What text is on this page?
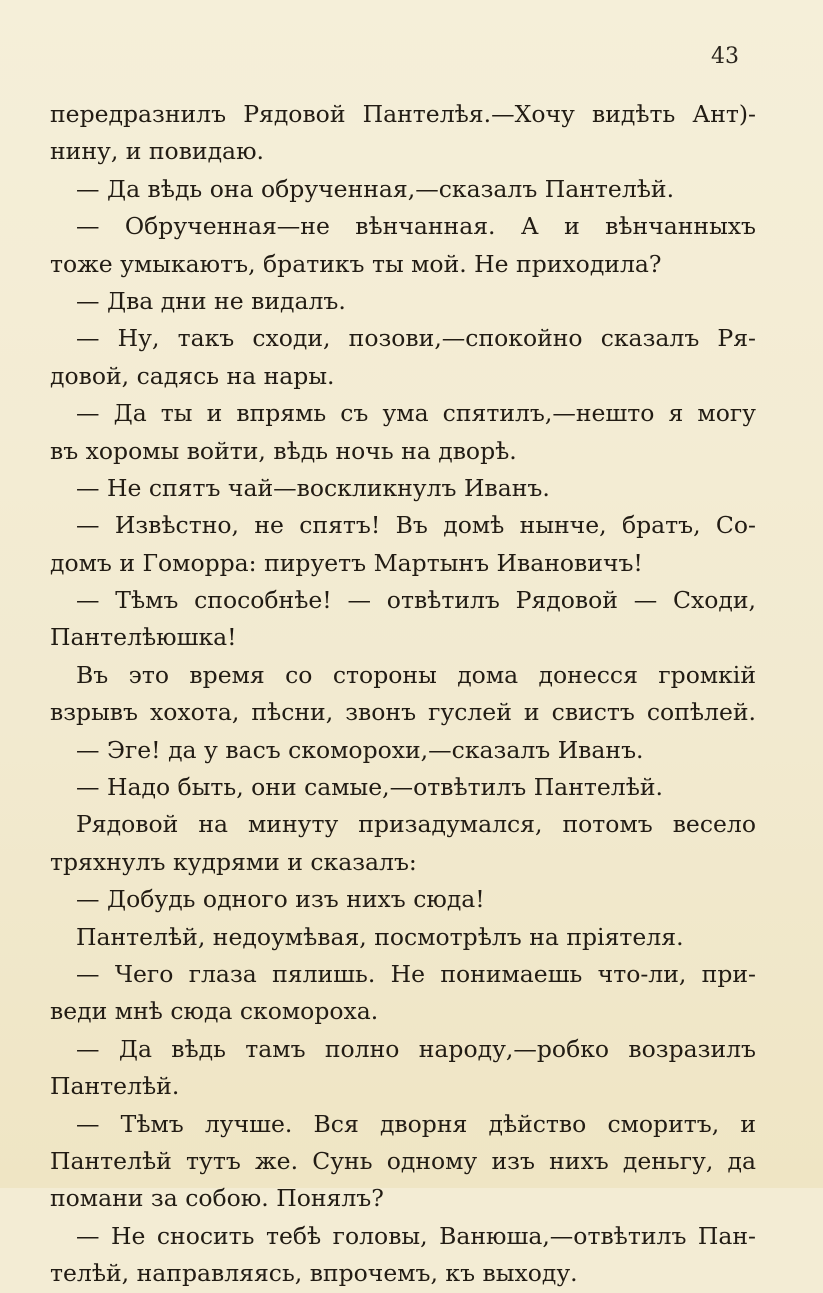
43
передразнилъ Рядовой Пантелѣя.—Хочу видѣть Ант)-
нину, и повидаю.
— Да вѣдь она обрученная,—сказалъ Пантелѣй.
— Обрученная—не вѣнчанная. А и вѣнчанныхъ
тоже умыкаютъ, братикъ ты мой. Не приходила?
— Два дни не видалъ.
— Ну, такъ сходи, позови,—спокойно сказалъ Ря-
довой, садясь на нары.
— Да ты и впрямь съ ума спятилъ,—нешто я могу
въ хоромы войти, вѣдь ночь на дворѣ.
— Не спятъ чай—воскликнулъ Иванъ.
— Извѣстно, не спятъ! Въ домѣ нынче, братъ, Со-
домъ и Гоморра: пируетъ Мартынъ Ивановичъ!
— Тѣмъ способнѣе! — отвѣтилъ Рядовой — Сходи,
Пантелѣюшка!
Въ это время со стороны дома донесся громкій
взрывъ хохота, пѣсни, звонъ гуслей и свистъ сопѣлей.
— Эге! да у васъ скоморохи,—сказалъ Иванъ.
— Надо быть, они самые,—отвѣтилъ Пантелѣй.
Рядовой на минуту призадумался, потомъ весело
тряхнулъ кудрями и сказалъ:
— Добудь одного изъ нихъ сюда!
Пантелѣй, недоумѣвая, посмотрѣлъ на пріятеля.
— Чего глаза пялишь. Не понимаешь что-ли, при-
веди мнѣ сюда скомороха.
— Да вѣдь тамъ полно народу,—робко возразилъ
Пантелѣй.
— Тѣмъ лучше. Вся дворня дѣйство сморитъ, и
Пантелѣй тутъ же. Сунь одному изъ нихъ деньгу, да
помани за собою. Понялъ?
— Не сносить тебѣ головы, Ванюша,—отвѣтилъ Пан-
телѣй, направляясь, впрочемъ, къ выходу.
